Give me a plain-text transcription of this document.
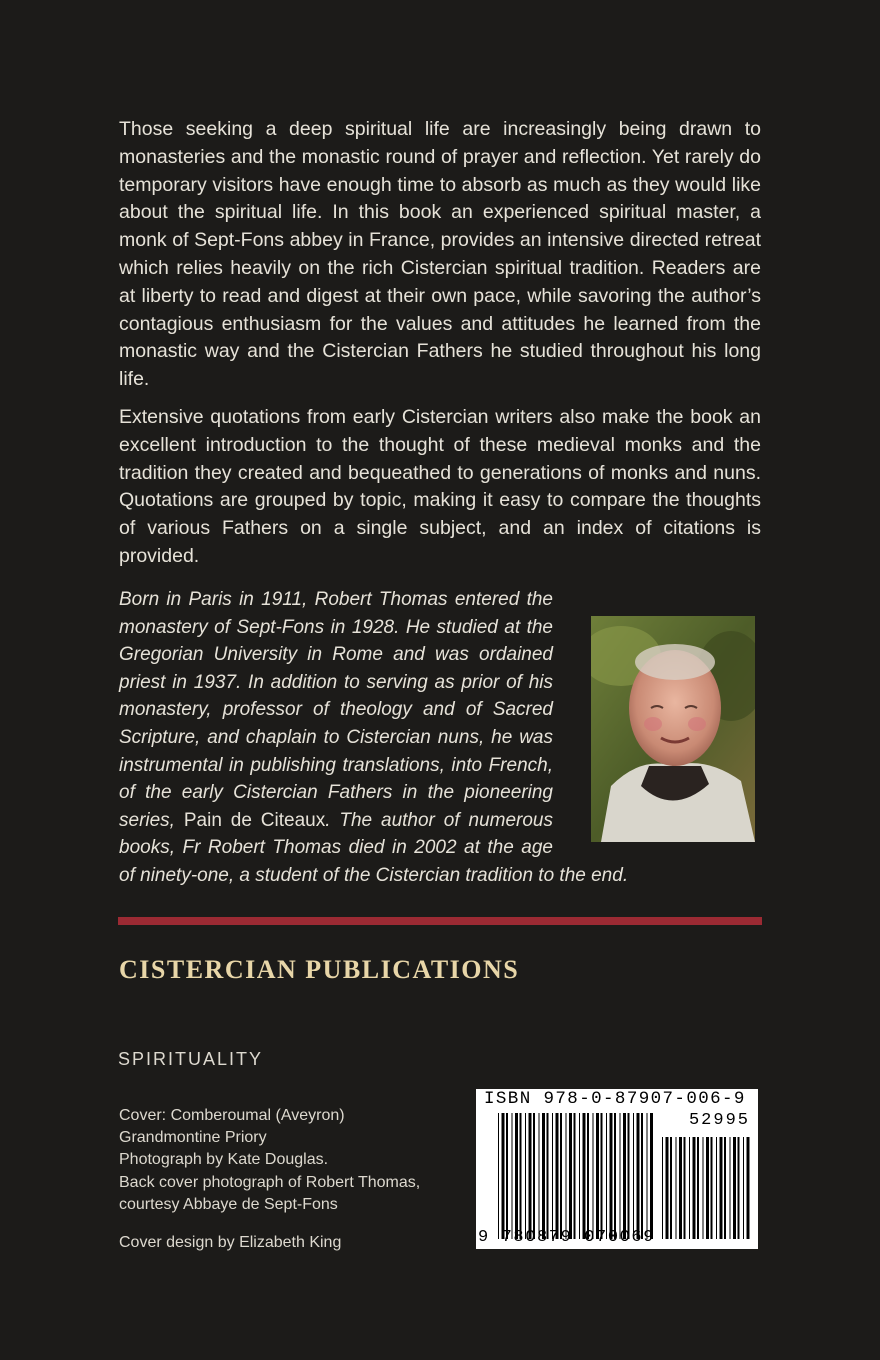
Those seeking a deep spiritual life are increasingly being drawn to monasteries and the monastic round of prayer and reflection. Yet rarely do temporary visitors have enough time to absorb as much as they would like about the spiritual life. In this book an experienced spiritual master, a monk of Sept-Fons abbey in France, provides an intensive directed retreat which relies heavily on the rich Cistercian spiritual tradition. Readers are at liberty to read and digest at their own pace, while savoring the author’s contagious enthusiasm for the values and attitudes he learned from the monastic way and the Cistercian Fathers he studied throughout his long life.

Extensive quotations from early Cistercian writers also make the book an excellent introduction to the thought of these medieval monks and the tradition they created and bequeathed to generations of monks and nuns. Quotations are grouped by topic, making it easy to compare the thoughts of various Fathers on a single subject, and an index of citations is provided.

Born in Paris in 1911, Robert Thomas entered the monastery of Sept-Fons in 1928. He studied at the Gregorian University in Rome and was ordained priest in 1937. In addition to serving as prior of his monastery, professor of theology and of Sacred Scripture, and chaplain to Cistercian nuns, he was instrumental in publishing translations, into French, of the early Cistercian Fathers in the pioneering series, Pain de Citeaux. The author of numerous books, Fr Robert Thomas died in 2002 at the age of ninety-one, a student of the Cistercian tradition to the end.
CISTERCIAN PUBLICATIONS
SPIRITUALITY
Cover: Comberoumal (Aveyron)
Grandmontine Priory
Photograph by Kate Douglas.
Back cover photograph of Robert Thomas,
courtesy Abbaye de Sept-Fons
Cover design by Elizabeth King
ISBN 978-0-87907-006-9
52995
9 780879 070069
